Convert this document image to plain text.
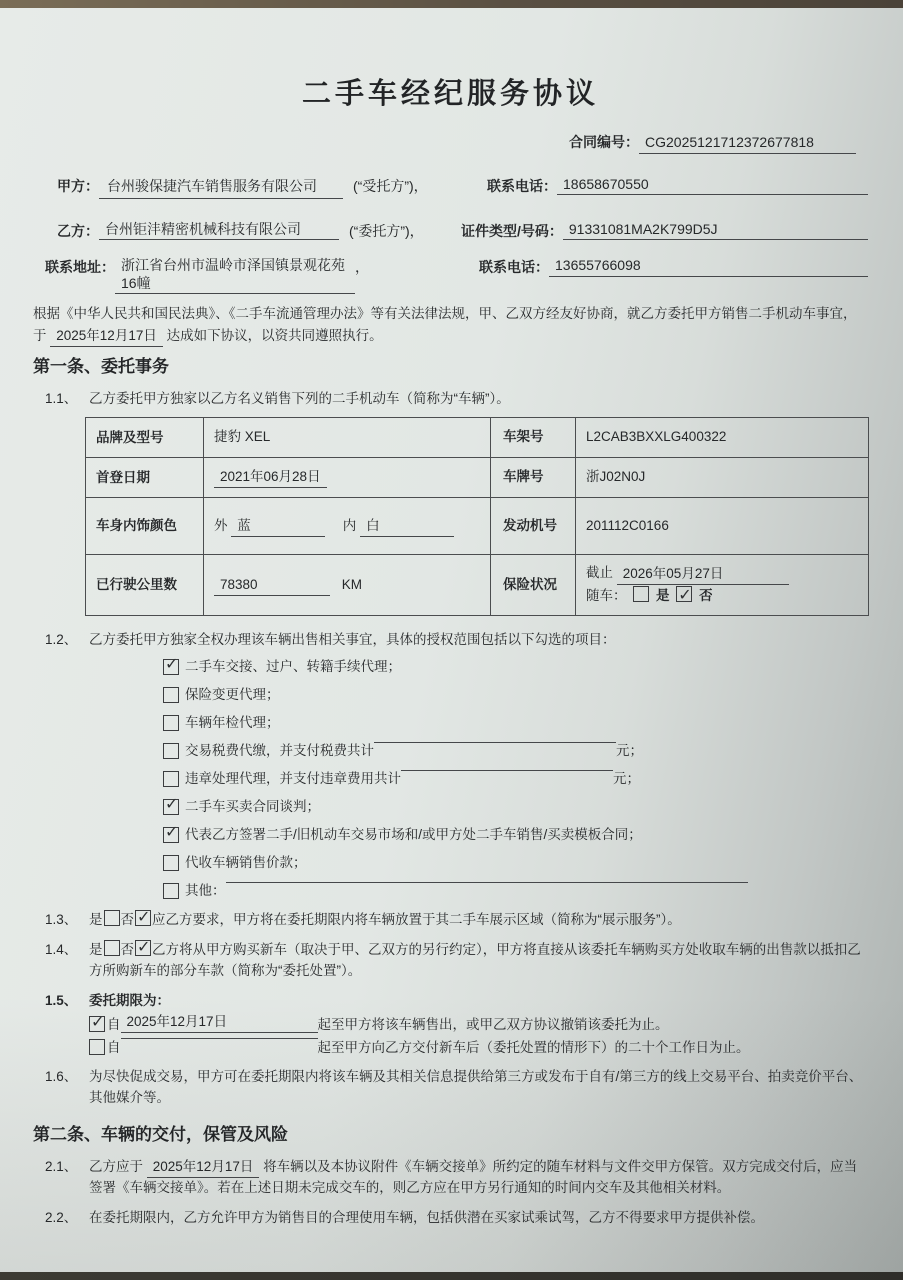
二手车经纪服务协议
合同编号： CG2025121712372677818
甲方： 台州骏保捷汽车销售服务有限公司	(“受托方”)，	联系电话： 18658670550
乙方： 台州钜沣精密机械科技有限公司	(“委托方”)，	证件类型/号码： 91331081MA2K799D5J
联系地址： 浙江省台州市温岭市泽国镇景观花苑16幢
，	联系电话： 13655766098
根据《中华人民共和国民法典》、《二手车流通管理办法》等有关法律法规，甲、乙双方经友好协商，就乙方委托甲方销售二手机动车事宜，于 2025年12月17日 达成如下协议，以资共同遵照执行。
第一条、委托事务
1.1、 乙方委托甲方独家以乙方名义销售下列的二手机动车（简称为“车辆”）。
品牌及型号	捷豹 XEL	车架号	L2CAB3BXXLG400322
首登日期	2021年06月28日	车牌号	浙J02N0J
车身内饰颜色	外 蓝 内 白	发动机号	201112C0166
已行驶公里数	78380 KM	保险状况	截止 2026年05月27日
随车： 是 ✓ 否
1.2、 乙方委托甲方独家全权办理该车辆出售相关事宜，具体的授权范围包括以下勾选的项目：
✓
二手车交接、过户、转籍手续代理；
保险变更代理；
车辆年检代理；
交易税费代缴，并支付税费共计	元；
违章处理代理，并支付违章费用共计	元；
✓
二手车买卖合同谈判；
✓
代表乙方签署二手/旧机动车交易市场和/或甲方处二手车销售/买卖模板合同；
代收车辆销售价款；
其他：
1.3、 是 否 ✓ 应乙方要求，甲方将在委托期限内将车辆放置于其二手车展示区域（简称为“展示服务”）。
1.4、 是 否 ✓ 乙方将从甲方购买新车（取决于甲、乙双方的另行约定），甲方将直接从该委托车辆购买方处收取车辆的出售款以抵扣乙方所购新车的部分车款（简称为“委托处置”）。
1.5、 委托期限为：
✓
自 2025年12月17日	起至甲方将该车辆售出，或甲乙双方协议撤销该委托为止。
自	起至甲方向乙方交付新车后（委托处置的情形下）的二十个工作日为止。
1.6、 为尽快促成交易，甲方可在委托期限内将该车辆及其相关信息提供给第三方或发布于自有/第三方的线上交易平台、拍卖竞价平台、其他媒介等。
第二条、车辆的交付，保管及风险
2.1、 乙方应于 2025年12月17日 将车辆以及本协议附件《车辆交接单》所约定的随车材料与文件交甲方保管。双方完成交付后，应当签署《车辆交接单》。若在上述日期未完成交车的，则乙方应在甲方另行通知的时间内交车及其他相关材料。
2.2、 在委托期限内，乙方允许甲方为销售目的合理使用车辆，包括供潜在买家试乘试驾，乙方不得要求甲方提供补偿。
